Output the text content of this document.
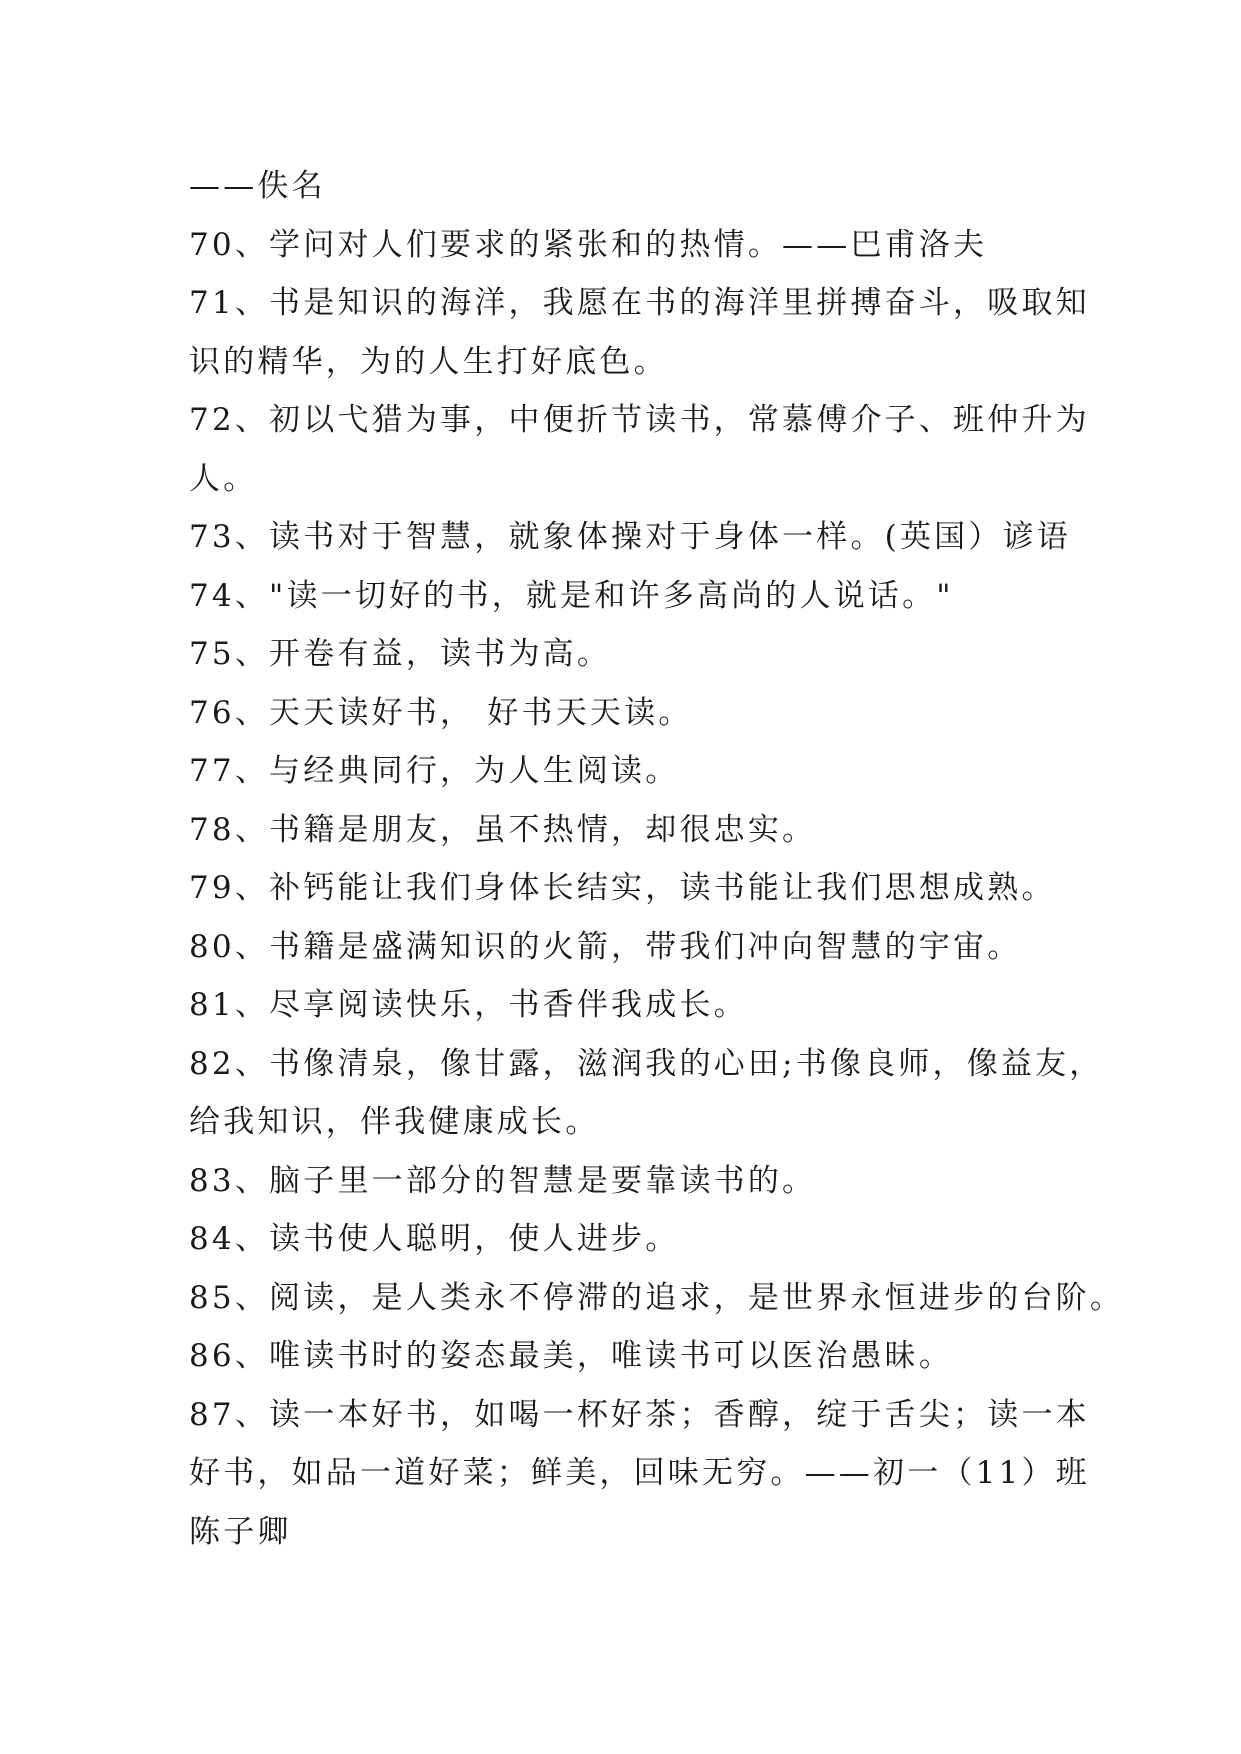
——佚名
70、学问对人们要求的紧张和的热情。——巴甫洛夫
71、书是知识的海洋，我愿在书的海洋里拼搏奋斗，吸取知
识的精华，为的人生打好底色。
72、初以弋猎为事，中便折节读书，常慕傅介子、班仲升为
人。
73、读书对于智慧，就象体操对于身体一样。(英国）谚语
74、"读一切好的书，就是和许多高尚的人说话。"
75、开卷有益，读书为高。
76、天天读好书， 好书天天读。
77、与经典同行，为人生阅读。
78、书籍是朋友，虽不热情，却很忠实。
79、补钙能让我们身体长结实，读书能让我们思想成熟。
80、书籍是盛满知识的火箭，带我们冲向智慧的宇宙。
81、尽享阅读快乐，书香伴我成长。
82、书像清泉，像甘露，滋润我的心田;书像良师，像益友，
给我知识，伴我健康成长。
83、脑子里一部分的智慧是要靠读书的。
84、读书使人聪明，使人进步。
85、阅读，是人类永不停滞的追求，是世界永恒进步的台阶。
86、唯读书时的姿态最美，唯读书可以医治愚昧。
87、读一本好书，如喝一杯好茶；香醇，绽于舌尖；读一本
好书，如品一道好菜；鲜美，回味无穷。——初一（11）班
陈子卿
